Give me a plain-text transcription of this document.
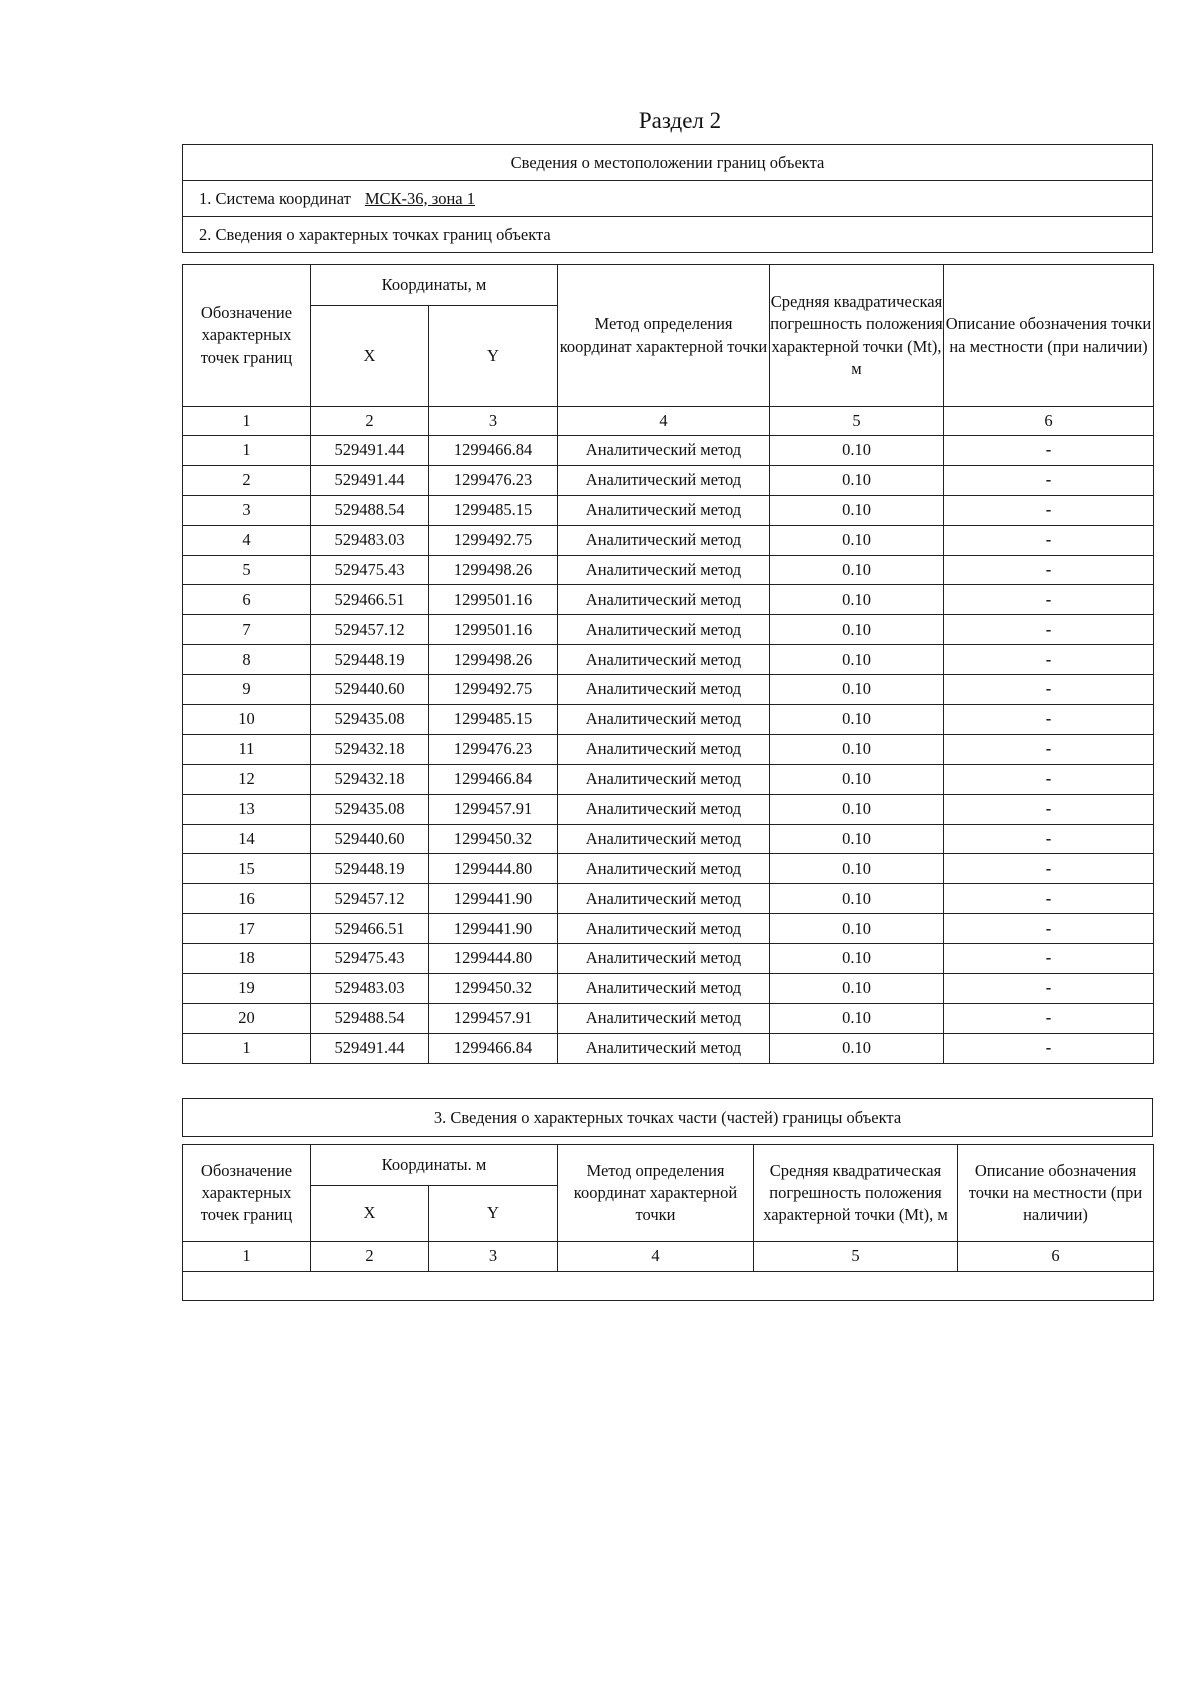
Раздел 2
Сведения о местоположении границ объекта
1. Система координат МСК-36, зона 1
2. Сведения о характерных точках границ объекта
Обозначение характерных точек границ	Координаты, м		Метод определения координат характерной точки	Средняя квадратическая погрешность положения характерной точки (Mt), м	Описание обозначения точки на местности (при наличии)
	X	Y			
1	2	3	4	5	6
1	529491.44	1299466.84	Аналитический метод	0.10	-
2	529491.44	1299476.23	Аналитический метод	0.10	-
3	529488.54	1299485.15	Аналитический метод	0.10	-
4	529483.03	1299492.75	Аналитический метод	0.10	-
5	529475.43	1299498.26	Аналитический метод	0.10	-
6	529466.51	1299501.16	Аналитический метод	0.10	-
7	529457.12	1299501.16	Аналитический метод	0.10	-
8	529448.19	1299498.26	Аналитический метод	0.10	-
9	529440.60	1299492.75	Аналитический метод	0.10	-
10	529435.08	1299485.15	Аналитический метод	0.10	-
11	529432.18	1299476.23	Аналитический метод	0.10	-
12	529432.18	1299466.84	Аналитический метод	0.10	-
13	529435.08	1299457.91	Аналитический метод	0.10	-
14	529440.60	1299450.32	Аналитический метод	0.10	-
15	529448.19	1299444.80	Аналитический метод	0.10	-
16	529457.12	1299441.90	Аналитический метод	0.10	-
17	529466.51	1299441.90	Аналитический метод	0.10	-
18	529475.43	1299444.80	Аналитический метод	0.10	-
19	529483.03	1299450.32	Аналитический метод	0.10	-
20	529488.54	1299457.91	Аналитический метод	0.10	-
1	529491.44	1299466.84	Аналитический метод	0.10	-
3. Сведения о характерных точках части (частей) границы объекта
Обозначение характерных точек границ	Координаты. м		Метод определения координат характерной точки	Средняя квадратическая погрешность положения характерной точки (Mt), м	Описание обозначения точки на местности (при наличии)
	X	Y			
1	2	3	4	5	6
